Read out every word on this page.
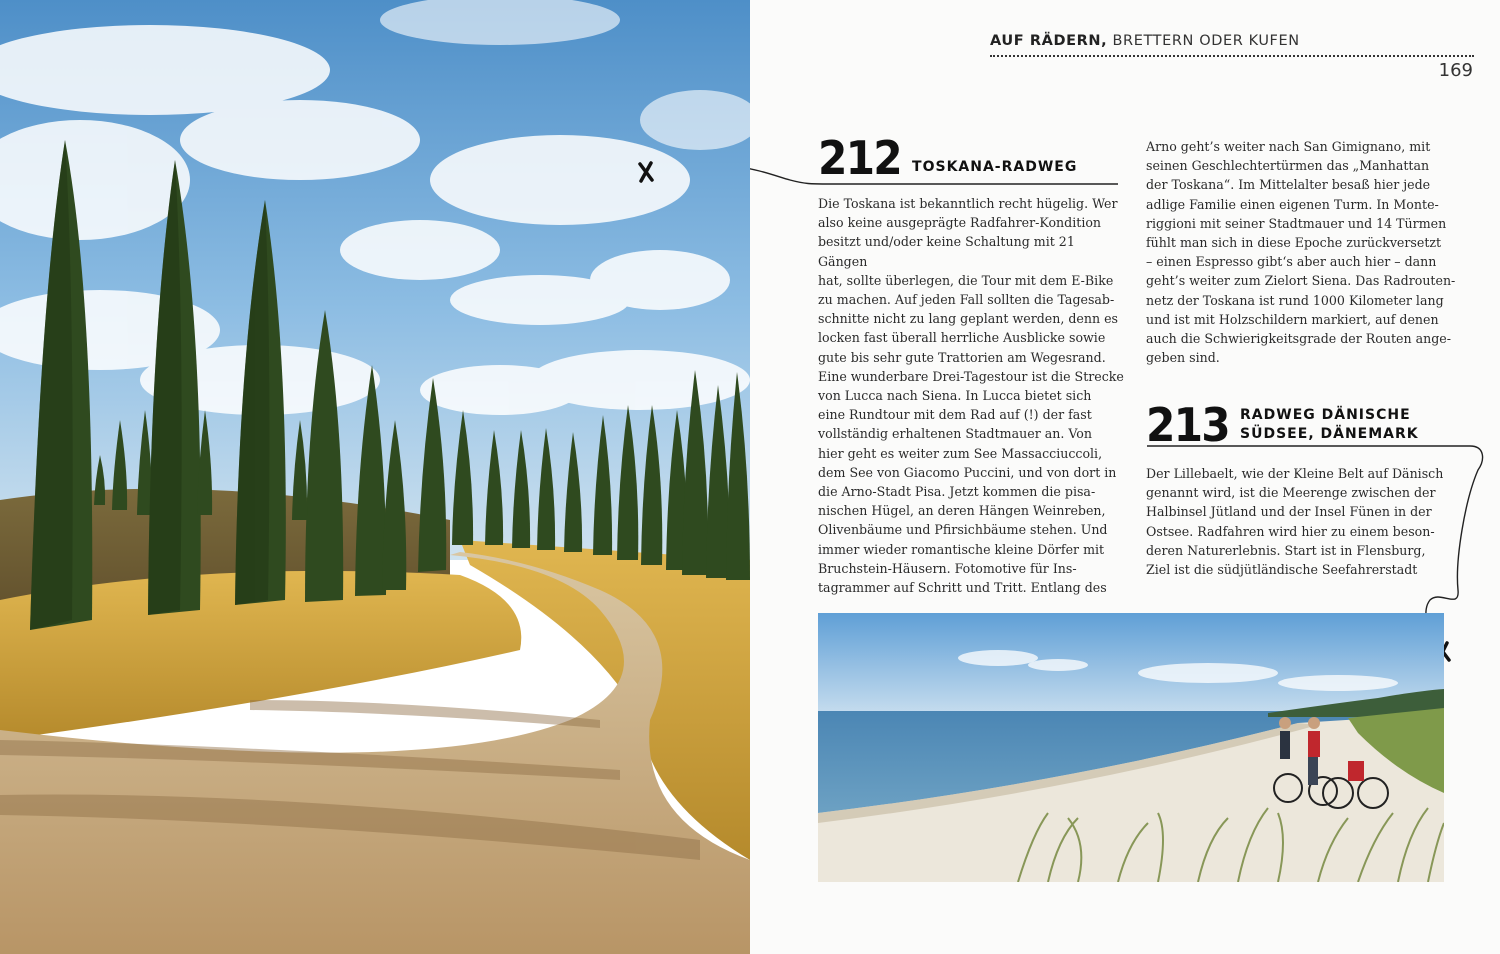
AUF RÄDERN, BRETTERN ODER KUFEN
169
212 TOSKANA-RADWEG

Die Toskana ist bekanntlich recht hügelig. Wer

also keine ausgeprägte Radfahrer-Kondition

besitzt und/oder keine Schaltung mit 21 Gängen

hat, sollte überlegen, die Tour mit dem E-Bike

zu machen. Auf jeden Fall sollten die Tagesab-

schnitte nicht zu lang geplant werden, denn es

locken fast überall herrliche Ausblicke sowie

gute bis sehr gute Trattorien am Wegesrand.

Eine wunderbare Drei-Tagestour ist die Strecke

von Lucca nach Siena. In Lucca bietet sich

eine Rundtour mit dem Rad auf (!) der fast

vollständig erhaltenen Stadtmauer an. Von

hier geht es weiter zum See Massacciuccoli,

dem See von Giacomo Puccini, und von dort in

die Arno-Stadt Pisa. Jetzt kommen die pisa-

nischen Hügel, an deren Hängen Weinreben,

Olivenbäume und Pfirsichbäume stehen. Und

immer wieder romantische kleine Dörfer mit

Bruchstein-Häusern. Fotomotive für Ins-

tagrammer auf Schritt und Tritt. Entlang des

Arno geht’s weiter nach San Gimignano, mit

seinen Geschlechtertürmen das „Manhattan

der Toskana“. Im Mittelalter besaß hier jede

adlige Familie einen eigenen Turm. In Monte-

riggioni mit seiner Stadtmauer und 14 Türmen

fühlt man sich in diese Epoche zurückversetzt

– einen Espresso gibt‘s aber auch hier – dann

geht’s weiter zum Zielort Siena. Das Radrouten-

netz der Toskana ist rund 1000 Kilometer lang

und ist mit Holzschildern markiert, auf denen

auch die Schwierigkeitsgrade der Routen ange-

geben sind.

213 RADWEG DÄNISCHE
SÜDSEE, DÄNEMARK

Der Lillebaelt, wie der Kleine Belt auf Dänisch

genannt wird, ist die Meerenge zwischen der

Halbinsel Jütland und der Insel Fünen in der

Ostsee. Radfahren wird hier zu einem beson-

deren Naturerlebnis. Start ist in Flensburg,

Ziel ist die südjütländische Seefahrerstadt
